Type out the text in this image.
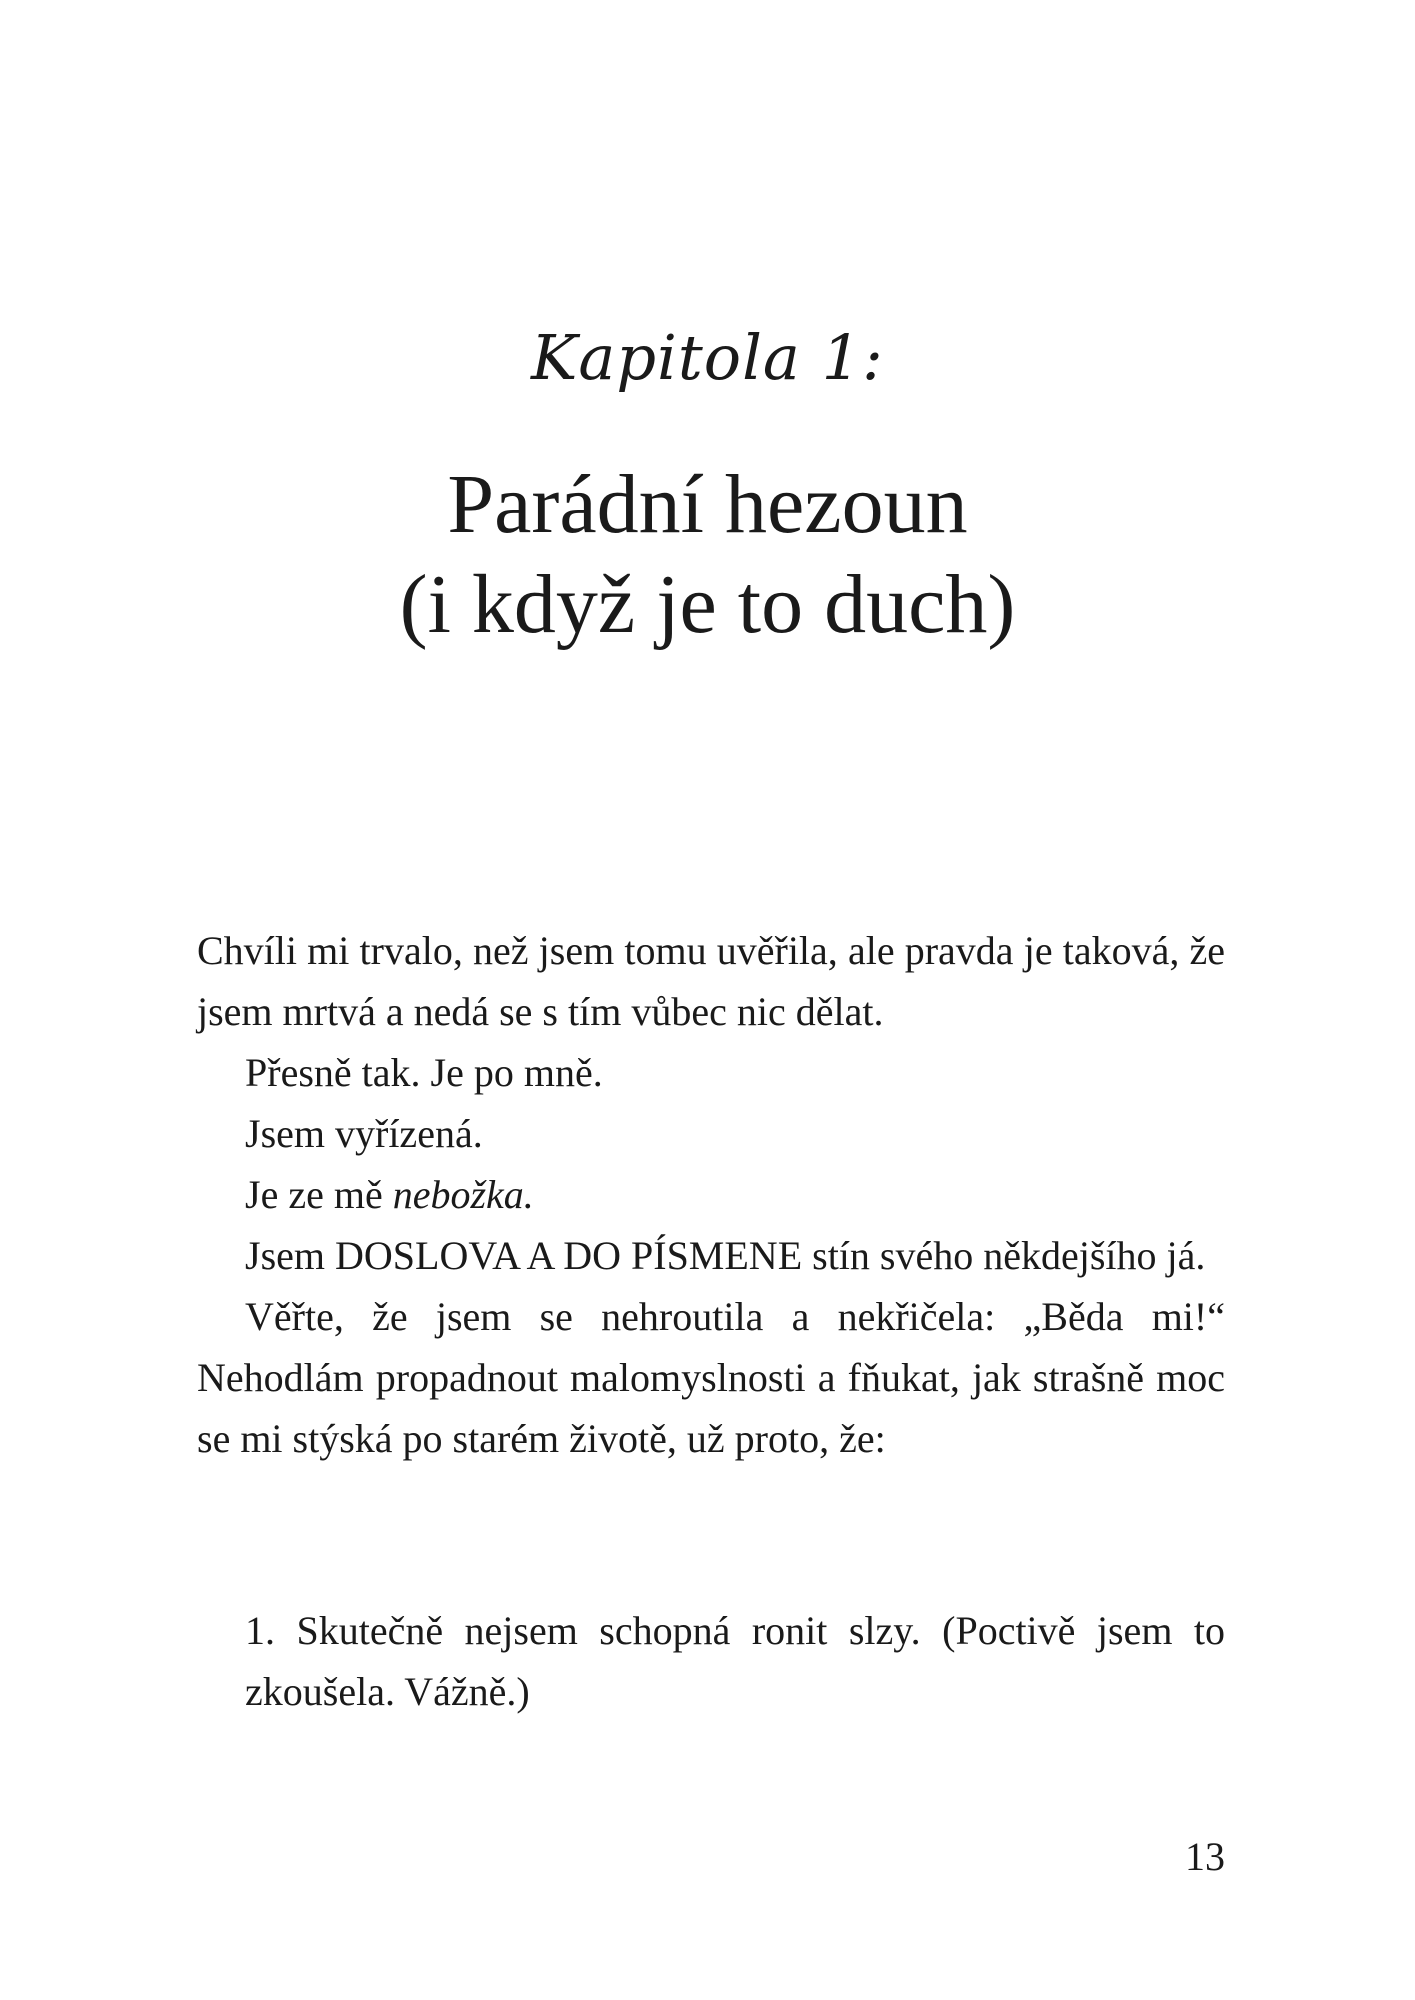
Kapitola 1:
Parádní hezoun
(i když je to duch)

Chvíli mi trvalo, než jsem tomu uvěřila, ale pravda je taková, že jsem mrtvá a nedá se s tím vůbec nic dělat.

Přesně tak. Je po mně.

Jsem vyřízená.

Je ze mě nebožka.

Jsem DOSLOVA A DO PÍSMENE stín svého někdejšího já.

Věřte, že jsem se nehroutila a nekřičela: „Běda mi!“ Nehodlám propadnout malomyslnosti a fňukat, jak strašně moc se mi stýská po starém životě, už proto, že:

1. Skutečně nejsem schopná ronit slzy. (Poctivě jsem to zkoušela. Vážně.)

13
